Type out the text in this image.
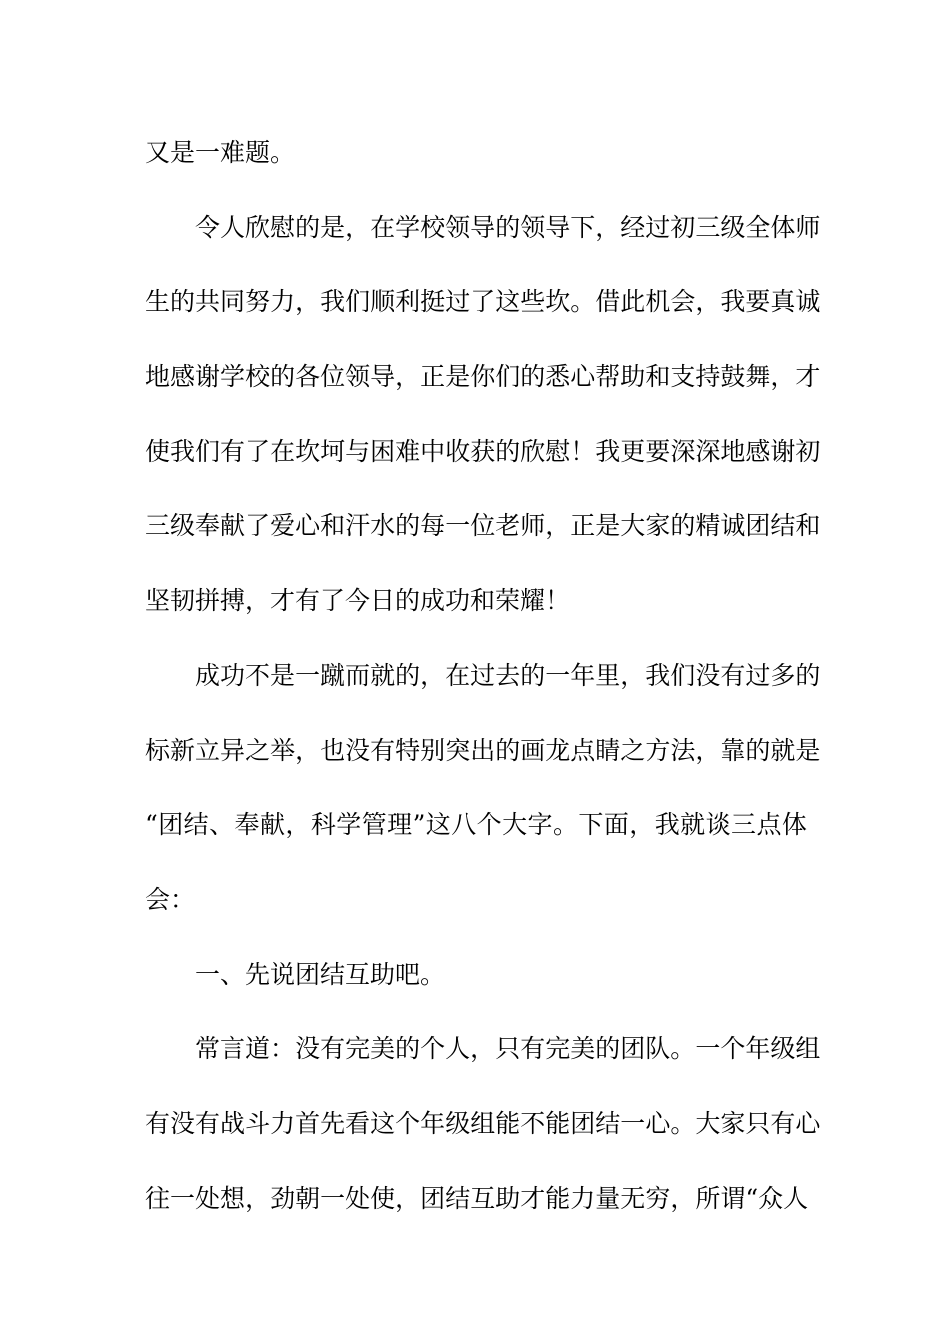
又是一难题。
令 人 欣 慰 的 是 ， 在 学 校 领 导 的 领 导 下 ， 经 过 初 三 级 全 体 师
生 的 共 同 努 力 ， 我 们 顺 利 挺 过 了 这 些 坎 。 借 此 机 会 ， 我 要 真 诚
地 感 谢 学 校 的 各 位 领 导 ， 正 是 你 们 的 悉 心 帮 助 和 支 持 鼓 舞 ， 才
使 我 们 有 了 在 坎 坷 与 困 难 中 收 获 的 欣 慰 ！ 我 更 要 深 深 地 感 谢 初
三 级 奉 献 了 爱 心 和 汗 水 的 每 一 位 老 师 ， 正 是 大 家 的 精 诚 团 结 和
坚韧拼搏，才有了今日的成功和荣耀！
成 功 不 是 一 蹴 而 就 的 ， 在 过 去 的 一 年 里 ， 我 们 没 有 过 多 的
标 新 立 异 之 举 ， 也 没 有 特 别 突 出 的 画 龙 点 睛 之 方 法 ， 靠 的 就 是
“ 团 结 、 奉 献 ， 科 学 管 理 ” 这 八 个 大 字 。 下 面 ， 我 就 谈 三 点 体
会：
一、先说团结互助吧。
常 言 道 ： 没 有 完 美 的 个 人 ， 只 有 完 美 的 团 队 。 一 个 年 级 组
有 没 有 战 斗 力 首 先 看 这 个 年 级 组 能 不 能 团 结 一 心 。 大 家 只 有 心
往 一 处 想 ， 劲 朝 一 处 使 ， 团 结 互 助 才 能 力 量 无 穷 ， 所 谓 “ 众 人
